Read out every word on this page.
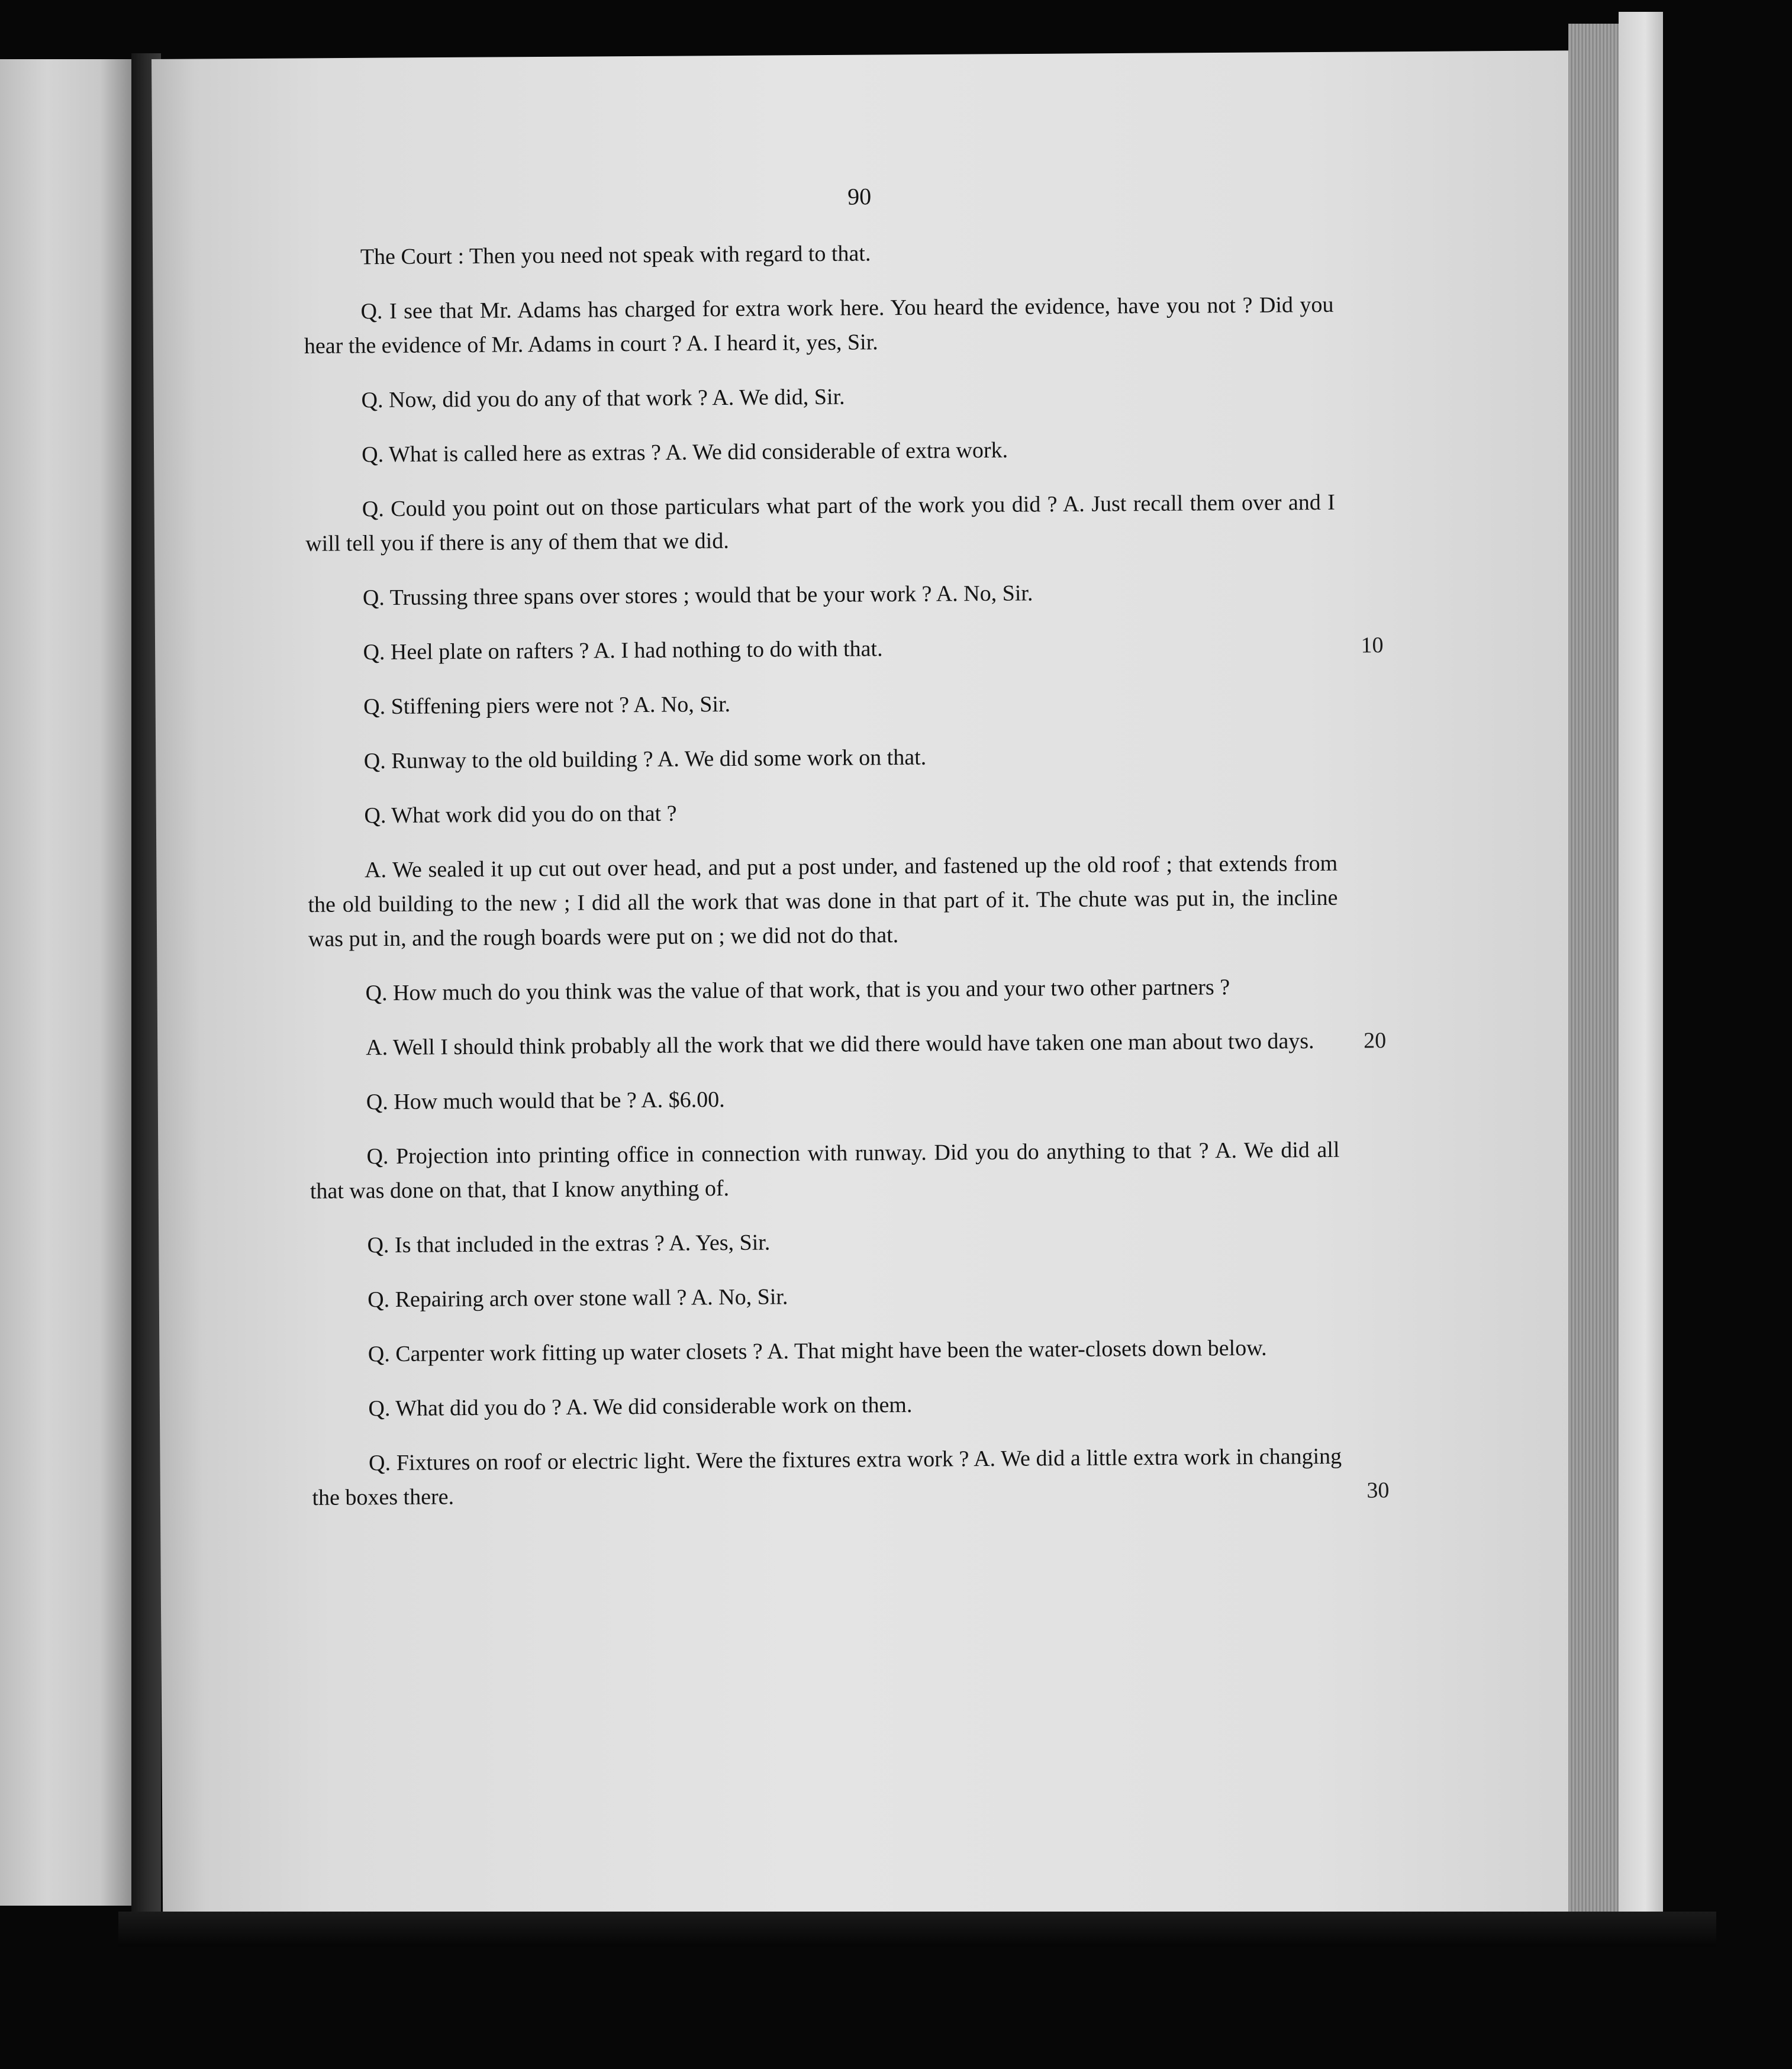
90

The Court : Then you need not speak with regard to that.

Q. I see that Mr. Adams has charged for extra work here. You heard the evidence, have you not ? Did you hear the evidence of Mr. Adams in court ? A. I heard it, yes, Sir.

Q. Now, did you do any of that work ? A. We did, Sir.

Q. What is called here as extras ? A. We did considerable of extra work.

Q. Could you point out on those particulars what part of the work you did ? A. Just recall them over and I will tell you if there is any of them that we did.

Q. Trussing three spans over stores ; would that be your work ? A. No, Sir.

Q. Heel plate on rafters ? A. I had nothing to do with that.	10

Q. Stiffening piers were not ? A. No, Sir.

Q. Runway to the old building ? A. We did some work on that.

Q. What work did you do on that ?

A. We sealed it up cut out over head, and put a post under, and fastened up the old roof ; that extends from the old building to the new ; I did all the work that was done in that part of it. The chute was put in, the incline was put in, and the rough boards were put on ; we did not do that.

Q. How much do you think was the value of that work, that is you and your two other partners ?

A. Well I should think probably all the work that we did there would have taken one man about two days.	20

Q. How much would that be ? A. $6.00.

Q. Projection into printing office in connection with runway. Did you do anything to that ? A. We did all that was done on that, that I know anything of.

Q. Is that included in the extras ? A. Yes, Sir.

Q. Repairing arch over stone wall ? A. No, Sir.

Q. Carpenter work fitting up water closets ? A. That might have been the water-closets down below.

Q. What did you do ? A. We did considerable work on them.

Q. Fixtures on roof or electric light. Were the fixtures extra work ? A. We did a little extra work in changing the boxes there.	30
